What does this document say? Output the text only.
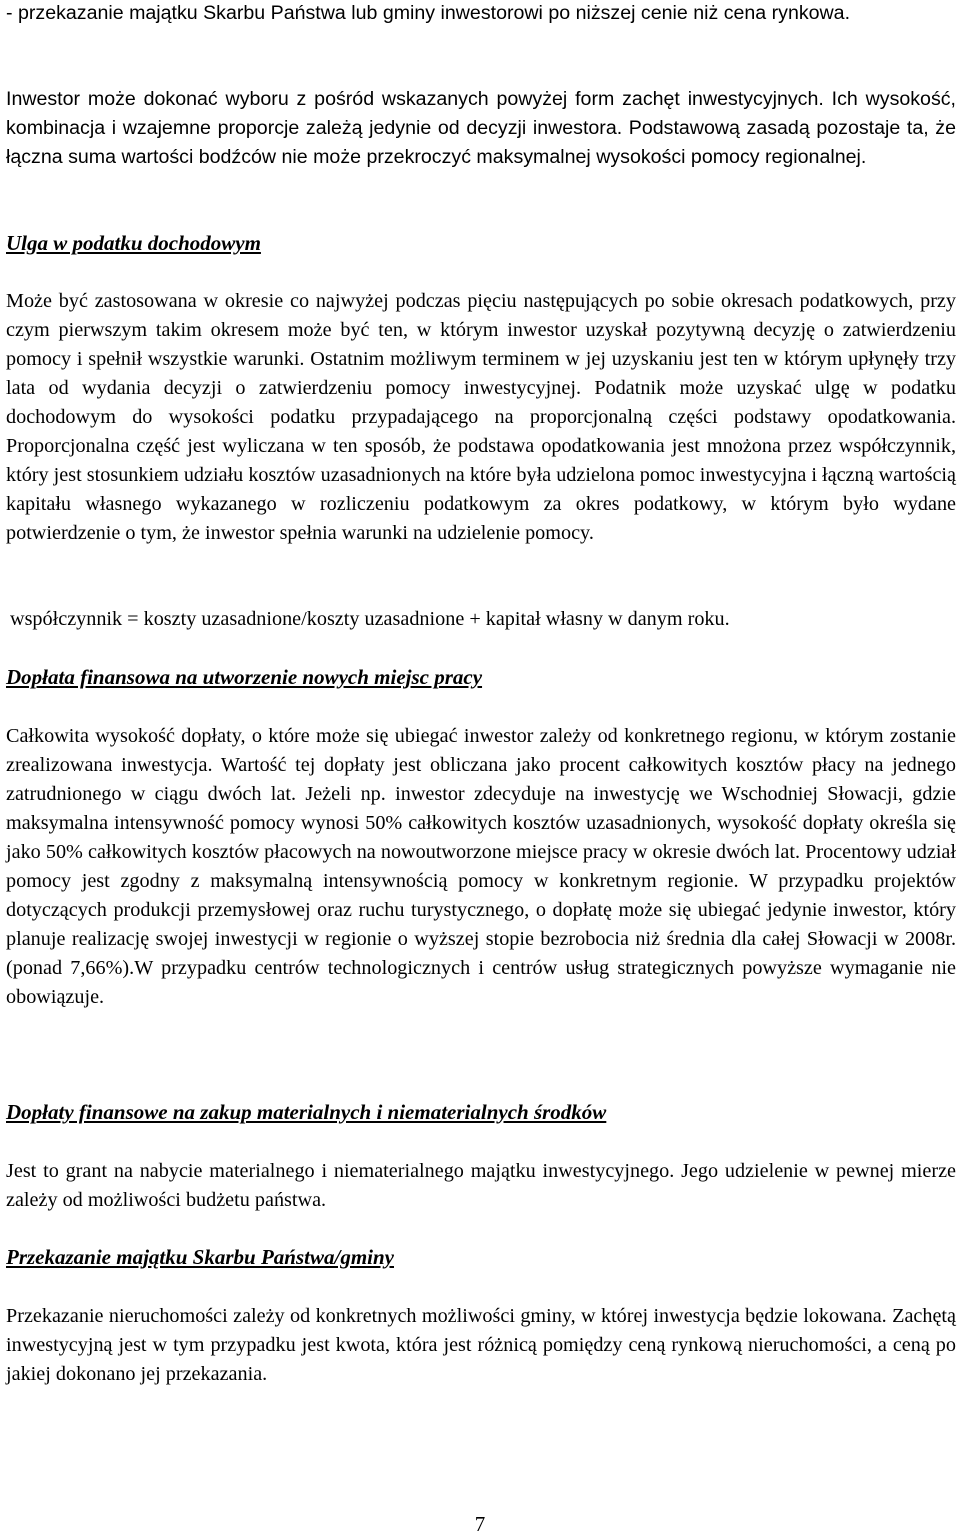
- przekazanie majątku Skarbu Państwa lub gminy inwestorowi po niższej cenie niż cena rynkowa.

Inwestor może dokonać wyboru z pośród wskazanych powyżej form zachęt inwestycyjnych. Ich wysokość, kombinacja i wzajemne proporcje zależą jedynie od decyzji inwestora. Podstawową zasadą pozostaje ta, że łączna suma wartości bodźców nie może przekroczyć maksymalnej wysokości pomocy regionalnej.

Ulga w podatku dochodowym

Może być zastosowana w okresie co najwyżej podczas pięciu następujących po sobie okresach podatkowych, przy czym pierwszym takim okresem może być ten, w którym inwestor uzyskał pozytywną decyzję o zatwierdzeniu pomocy i spełnił wszystkie warunki. Ostatnim możliwym terminem w jej uzyskaniu jest ten w którym upłynęły trzy lata od wydania decyzji o zatwierdzeniu pomocy inwestycyjnej. Podatnik może uzyskać ulgę w podatku dochodowym do wysokości podatku przypadającego na proporcjonalną części podstawy opodatkowania. Proporcjonalna część jest wyliczana w ten sposób, że podstawa opodatkowania jest mnożona przez współczynnik, który jest stosunkiem udziału kosztów uzasadnionych na które była udzielona pomoc inwestycyjna i łączną wartością kapitału własnego wykazanego w rozliczeniu podatkowym za okres podatkowy, w którym było wydane potwierdzenie o tym, że inwestor spełnia warunki na udzielenie pomocy.

współczynnik = koszty uzasadnione/koszty uzasadnione + kapitał własny w danym roku.

Dopłata finansowa na utworzenie nowych miejsc pracy

Całkowita wysokość dopłaty, o które może się ubiegać inwestor zależy od konkretnego regionu, w którym zostanie zrealizowana inwestycja. Wartość tej dopłaty jest obliczana jako procent całkowitych kosztów płacy na jednego zatrudnionego w ciągu dwóch lat. Jeżeli np. inwestor zdecyduje na inwestycję we Wschodniej Słowacji, gdzie maksymalna intensywność pomocy wynosi 50% całkowitych kosztów uzasadnionych, wysokość dopłaty określa się jako 50% całkowitych kosztów płacowych na nowoutworzone miejsce pracy w okresie dwóch lat. Procentowy udział pomocy jest zgodny z maksymalną intensywnością pomocy w konkretnym regionie. W przypadku projektów dotyczących produkcji przemysłowej oraz ruchu turystycznego, o dopłatę może się ubiegać jedynie inwestor, który planuje realizację swojej inwestycji w regionie o wyższej stopie bezrobocia niż średnia dla całej Słowacji w 2008r. (ponad 7,66%).W przypadku centrów technologicznych i centrów usług strategicznych powyższe wymaganie nie obowiązuje.

Dopłaty finansowe na zakup materialnych i niematerialnych środków

Jest to grant na nabycie materialnego i niematerialnego majątku inwestycyjnego. Jego udzielenie w pewnej mierze zależy od możliwości budżetu państwa.

Przekazanie majątku Skarbu Państwa/gminy

Przekazanie nieruchomości zależy od konkretnych możliwości gminy, w której inwestycja będzie lokowana. Zachętą inwestycyjną jest w tym przypadku jest kwota, która jest różnicą pomiędzy ceną rynkową nieruchomości, a ceną po jakiej dokonano jej przekazania.

7
